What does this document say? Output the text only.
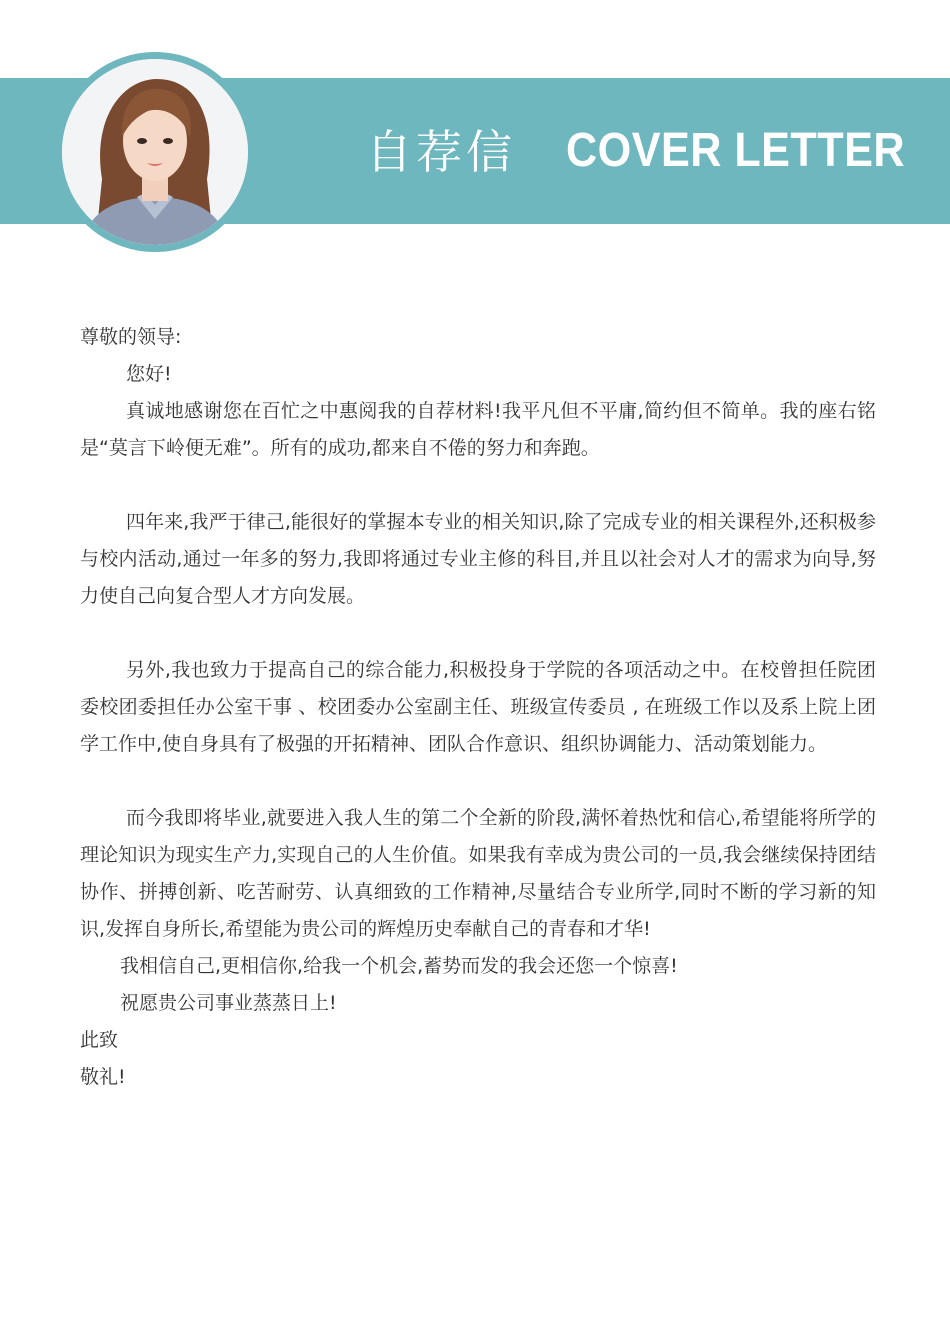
自荐信 COVER LETTER

尊敬的领导:

您好!

真诚地感谢您在百忙之中惠阅我的自荐材料!我平凡但不平庸,简约但不简单。我的座右铭是“莫言下岭便无难”。所有的成功,都来自不倦的努力和奔跑。

四年来,我严于律己,能很好的掌握本专业的相关知识,除了完成专业的相关课程外,还积极参与校内活动,通过一年多的努力,我即将通过专业主修的科目,并且以社会对人才的需求为向导,努力使自己向复合型人才方向发展。

另外,我也致力于提高自己的综合能力,积极投身于学院的各项活动之中。在校曾担任院团委校团委担任办公室干事 、校团委办公室副主任、班级宣传委员 , 在班级工作以及系上院上团学工作中,使自身具有了极强的开拓精神、团队合作意识、组织协调能力、活动策划能力。

而今我即将毕业,就要进入我人生的第二个全新的阶段,满怀着热忱和信心,希望能将所学的理论知识为现实生产力,实现自己的人生价值。如果我有幸成为贵公司的一员,我会继续保持团结协作、拼搏创新、吃苦耐劳、认真细致的工作精神,尽量结合专业所学,同时不断的学习新的知识,发挥自身所长,希望能为贵公司的辉煌历史奉献自己的青春和才华!

我相信自己,更相信你,给我一个机会,蓄势而发的我会还您一个惊喜!

祝愿贵公司事业蒸蒸日上!

此致

敬礼!
